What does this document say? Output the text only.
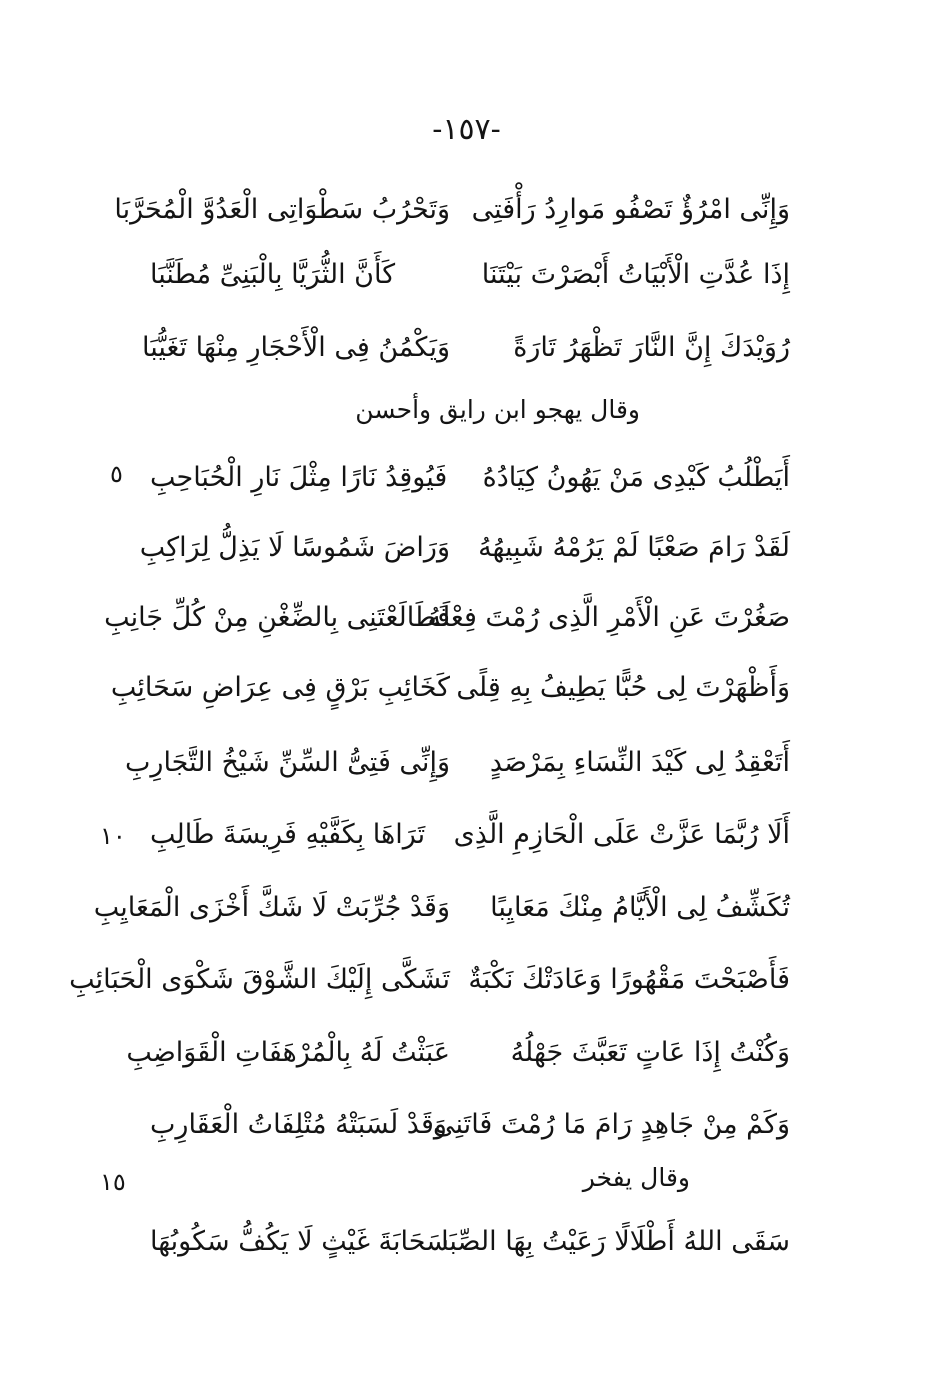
-١٥٧-
وَإِنِّى امْرُؤٌ تَصْفُو مَوارِدُ رَأْفَتِى
وَتَحْرُبُ سَطْوَاتِى الْعَدُوَّ الْمُحَرَّبَا
إِذَا عُدَّتِ الْأَبْيَاتُ أَبْصَرْتَ بَيْتَنَا
كَأَنَّ الثُّرَيَّا بِالْبَنِىِّ مُطَنَّبَا
رُوَيْدَكَ إِنَّ النَّارَ تَظْهَرُ تَارَةً
وَيَكْمُنُ فِى الْأَحْجَارِ مِنْهَا تَغَيُّبَا
وقال يهجو ابن رايق وأحسن
أَيَطْلُبُ كَيْدِى مَنْ يَهُونُ كِيَادُهُ
فَيُوقِدُ نَارًا مِثْلَ نَارِ الْحُبَاحِبِ
٥
لَقَدْ رَامَ صَعْبًا لَمْ يَرُمْهُ شَبِيهُهُ
وَرَاضَ شَمُوسًا لَا يَذِلُّ لِرَاكِبِ
صَغُرْتَ عَنِ الْأَمْرِ الَّذِى رُمْتَ فِعْلَهُ
فَطَالَعْتَنِى بِالضِّغْنِ مِنْ كُلِّ جَانِبِ
وَأَظْهَرْتَ لِى حُبًّا يَطِيفُ بِهِ قِلًى
كَخَائِبِ بَرْقٍ فِى عِرَاضِ سَحَائِبِ
أَتَعْقِدُ لِى كَيْدَ النِّسَاءِ بِمَرْصَدٍ
وَإِنِّى فَتِىُّ السِّنِّ شَيْخُ التَّجَارِبِ
أَلَا رُبَّمَا عَزَّتْ عَلَى الْحَازِمِ الَّذِى
تَرَاهَا بِكَفَّيْهِ فَرِيسَةَ طَالِبِ
١٠
تُكَشِّفُ لِى الْأَيَّامُ مِنْكَ مَعَايِبًا
وَقَدْ جُرِّبَتْ لَا شَكَّ أَخْزَى الْمَعَايِبِ
فَأَصْبَحْتَ مَقْهُورًا وَعَادَتْكَ نَكْبَةٌ
تَشَكَّى إِلَيْكَ الشَّوْقَ شَكْوَى الْحَبَائِبِ
وَكُنْتُ إِذَا عَاتٍ تَعَبَّثَ جَهْلُهُ
عَبَثْتُ لَهُ بِالْمُرْهَفَاتِ الْقَوَاضِبِ
وَكَمْ مِنْ جَاهِدٍ رَامَ مَا رُمْتَ فَاتَنِى
وَقَدْ لَسَبَتْهُ مُتْلِفَاتُ الْعَقَارِبِ
وقال يفخر
١٥
سَقَى اللهُ أَطْلَالًا رَعَيْتُ بِهَا الصِّبَا
سَحَابَةَ غَيْثٍ لَا يَكُفُّ سَكُوبُهَا
